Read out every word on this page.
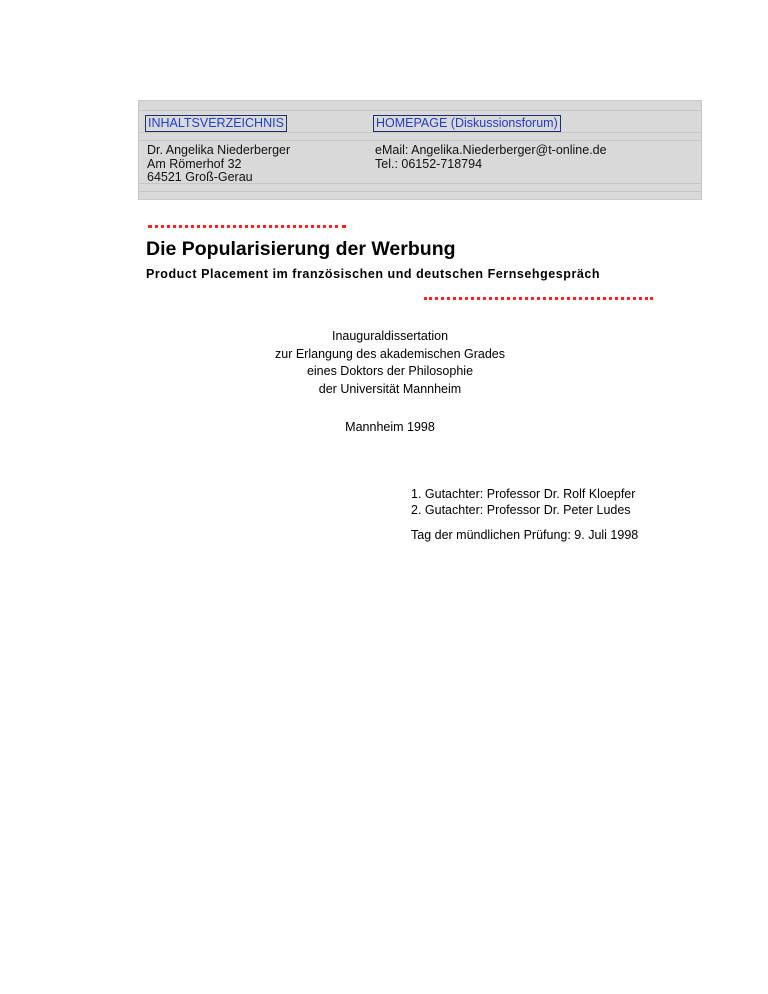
INHALTSVERZEICHNIS	HOMEPAGE (Diskussionsforum)
Dr. Angelika Niederberger
Am Römerhof 32
64521 Groß-Gerau
eMail: Angelika.Niederberger@t-online.de
Tel.: 06152-718794
Die Popularisierung der Werbung
Product Placement im französischen und deutschen Fernsehgespräch
Inauguraldissertation
zur Erlangung des akademischen Grades
eines Doktors der Philosophie
der Universität Mannheim
Mannheim 1998
1. Gutachter: Professor Dr. Rolf Kloepfer
2. Gutachter: Professor Dr. Peter Ludes
Tag der mündlichen Prüfung: 9. Juli 1998
